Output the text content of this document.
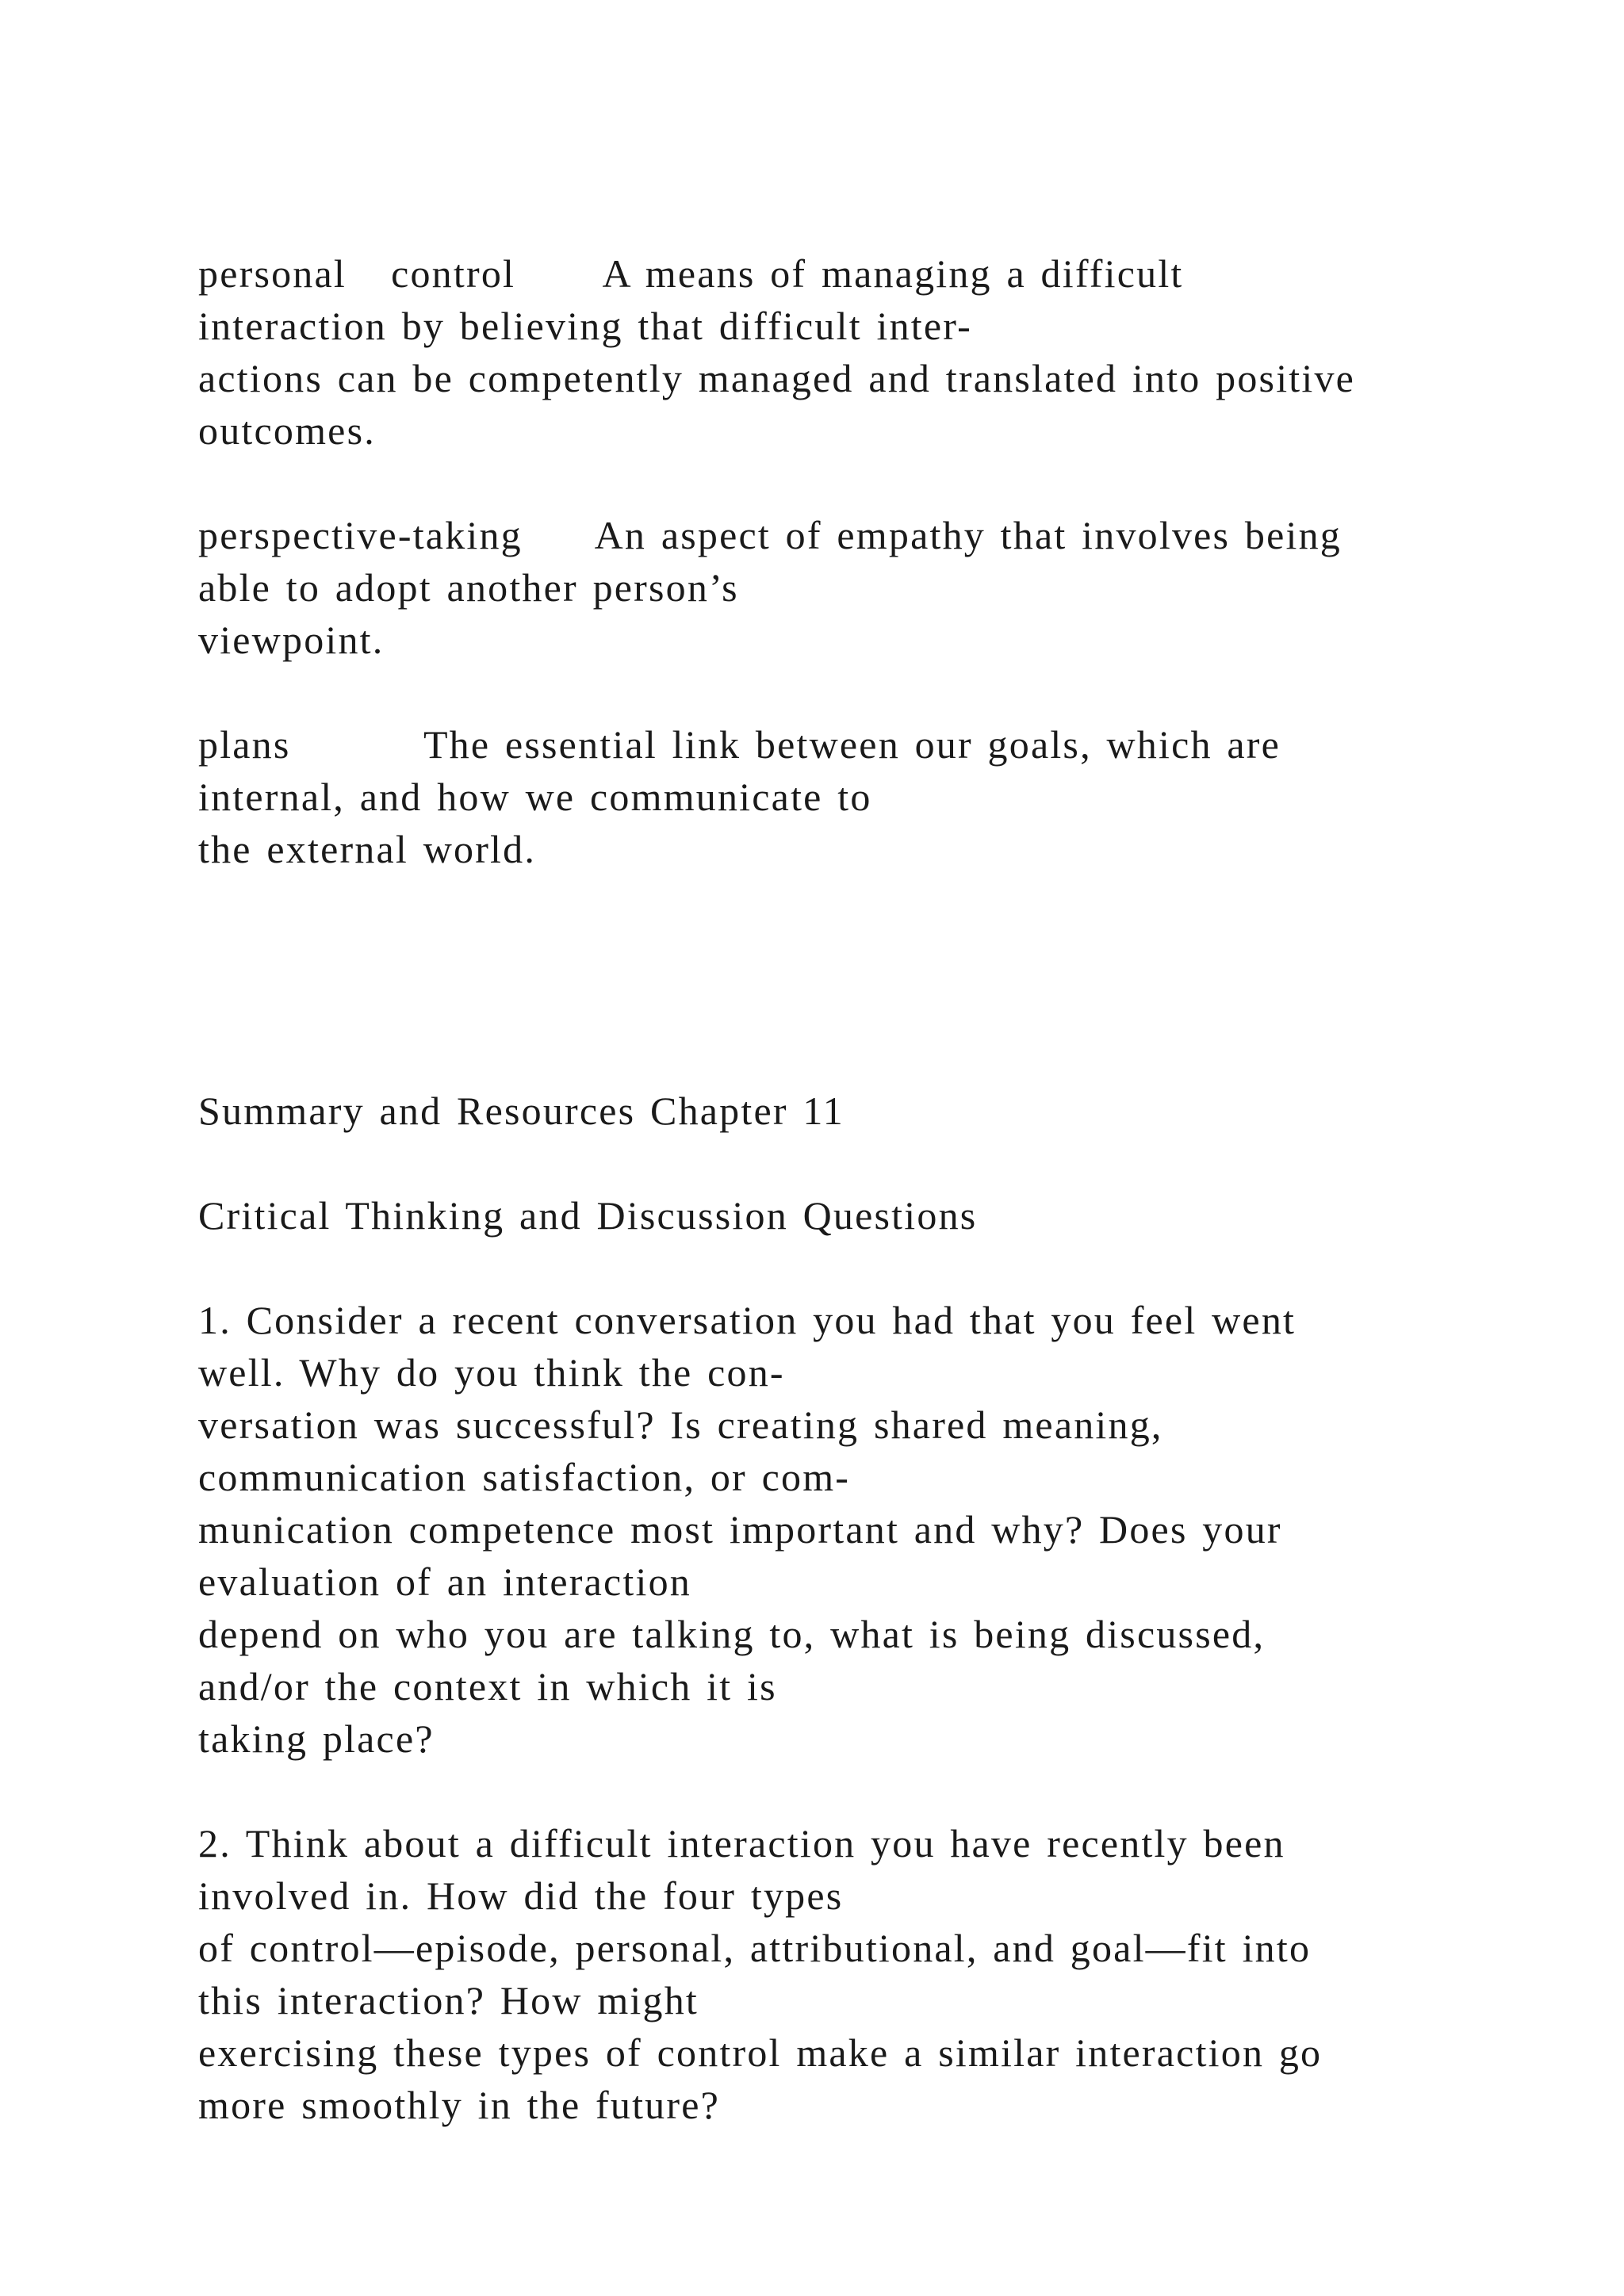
personal   control      A means of managing a difficult
interaction by believing that difficult inter-
actions can be competently managed and translated into positive
outcomes.
perspective-taking     An aspect of empathy that involves being
able to adopt another person’s
viewpoint.
plans         The essential link between our goals, which are
internal, and how we communicate to
the external world.
Summary and Resources Chapter 11
Critical Thinking and Discussion Questions
1. Consider a recent conversation you had that you feel went
well. Why do you think the con-
versation was successful? Is creating shared meaning,
communication satisfaction, or com-
munication competence most important and why? Does your
evaluation of an interaction
depend on who you are talking to, what is being discussed,
and/or the context in which it is
taking place?
2. Think about a difficult interaction you have recently been
involved in. How did the four types
of control—episode, personal, attributional, and goal—fit into
this interaction? How might
exercising these types of control make a similar interaction go
more smoothly in the future?
